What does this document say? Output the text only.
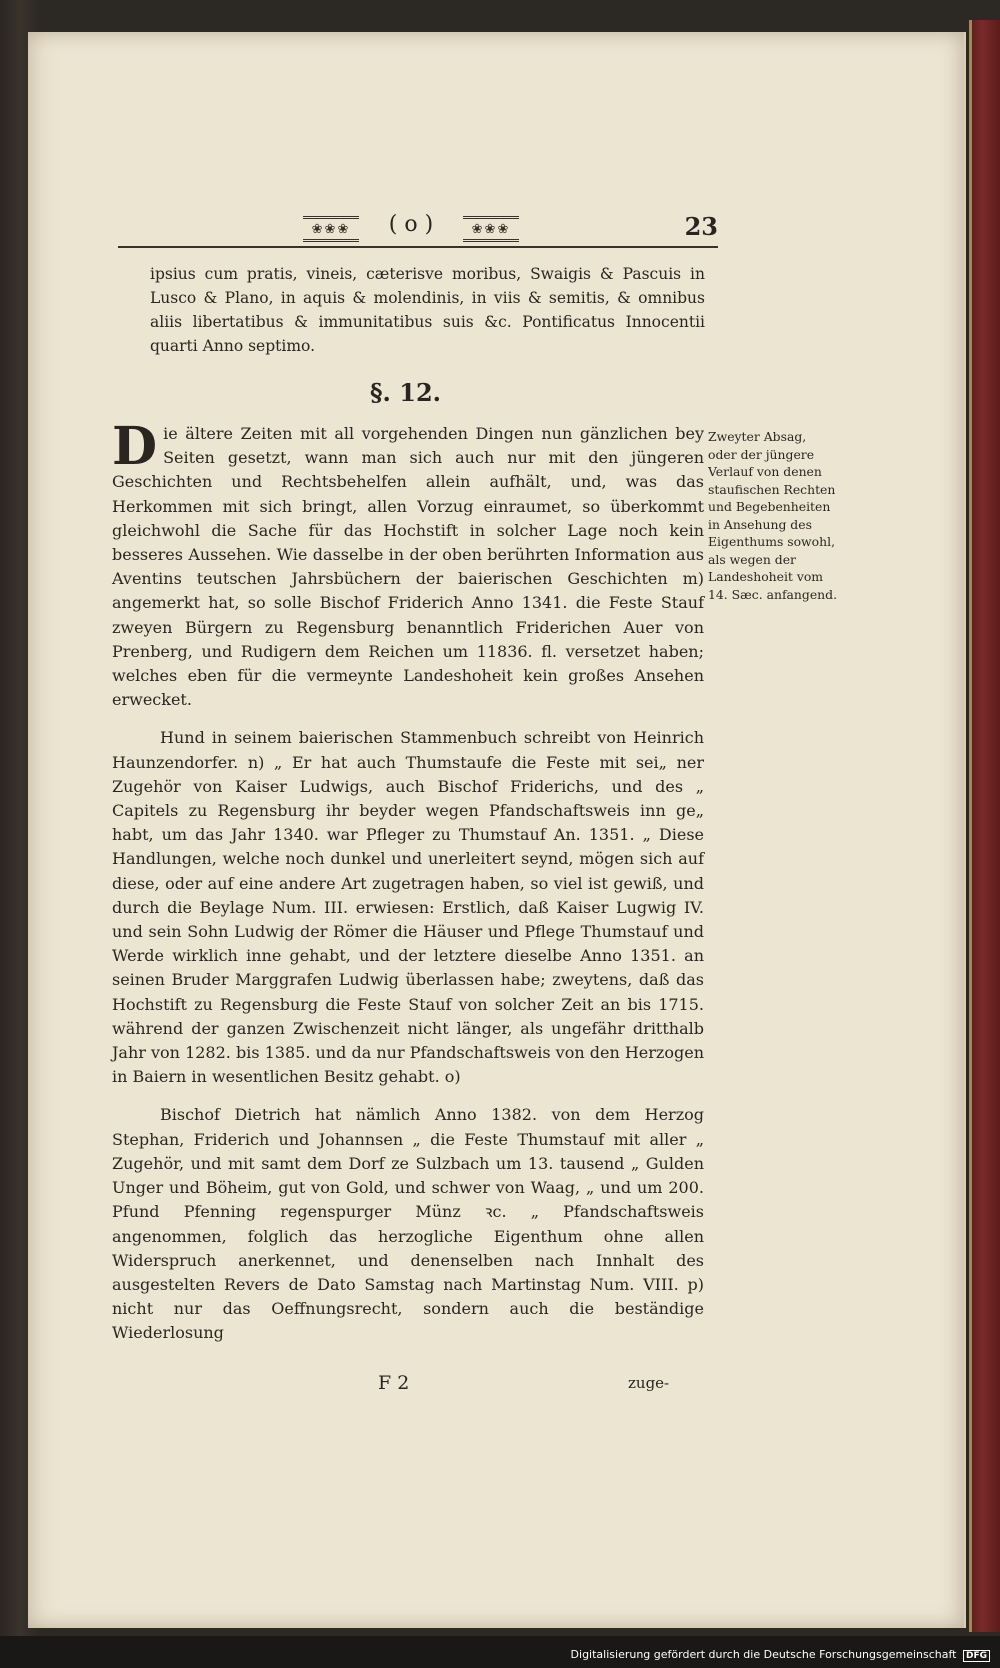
❀❀❀	( o )	❀❀❀	23
ipsius cum pratis, vineis, cæterisve moribus, Swaigis & Pascuis in Lusco & Plano, in aquis & molendinis, in viis & semitis, & omnibus aliis libertatibus & immunitatibus suis &c. Pontificatus Innocentii quarti Anno septimo.
§. 12.

D ie ältere Zeiten mit all vorgehenden Dingen nun gänzlichen bey Seiten gesetzt, wann man sich auch nur mit den jüngeren Geschichten und Rechtsbehelfen allein aufhält, und, was das Herkommen mit sich bringt, allen Vorzug einraumet, so überkommt gleichwohl die Sache für das Hochstift in solcher Lage noch kein besseres Aussehen. Wie dasselbe in der oben berührten Information aus Aventins teutschen Jahrsbüchern der baierischen Geschichten m) angemerkt hat, so solle Bischof Friderich Anno 1341. die Feste Stauf zweyen Bürgern zu Regensburg benanntlich Friderichen Auer von Prenberg, und Rudigern dem Reichen um 11836. fl. versetzet haben; welches eben für die vermeynte Landeshoheit kein großes Ansehen erwecket.

Hund in seinem baierischen Stammenbuch schreibt von Heinrich Haunzendorfer. n) „ Er hat auch Thumstaufe die Feste mit sei„ ner Zugehör von Kaiser Ludwigs, auch Bischof Friderichs, und des „ Capitels zu Regensburg ihr beyder wegen Pfandschaftsweis inn ge„ habt, um das Jahr 1340. war Pfleger zu Thumstauf An. 1351. „ Diese Handlungen, welche noch dunkel und unerleitert seynd, mögen sich auf diese, oder auf eine andere Art zugetragen haben, so viel ist gewiß, und durch die Beylage Num. III. erwiesen: Erstlich, daß Kaiser Lugwig IV. und sein Sohn Ludwig der Römer die Häuser und Pflege Thumstauf und Werde wirklich inne gehabt, und der letztere dieselbe Anno 1351. an seinen Bruder Marggrafen Ludwig überlassen habe; zweytens, daß das Hochstift zu Regensburg die Feste Stauf von solcher Zeit an bis 1715. während der ganzen Zwischenzeit nicht länger, als ungefähr dritthalb Jahr von 1282. bis 1385. und da nur Pfandschaftsweis von den Herzogen in Baiern in wesentlichen Besitz gehabt. o)

Bischof Dietrich hat nämlich Anno 1382. von dem Herzog Stephan, Friderich und Johannsen „ die Feste Thumstauf mit aller „ Zugehör, und mit samt dem Dorf ze Sulzbach um 13. tausend „ Gulden Unger und Böheim, gut von Gold, und schwer von Waag, „ und um 200. Pfund Pfenning regenspurger Münz ꝛc. „ Pfandschaftsweis angenommen, folglich das herzogliche Eigenthum ohne allen Widerspruch anerkennet, und denenselben nach Innhalt des ausgestelten Revers de Dato Samstag nach Martinstag Num. VIII. p) nicht nur das Oeffnungsrecht, sondern auch die beständige Wiederlosung

Zweyter Absag, oder der jüngere Verlauf von denen staufischen Rechten und Begebenheiten in Ansehung des Eigenthums sowohl, als wegen der Landeshoheit vom 14. Sæc. anfangend.
F 2	zuge-
Digitalisierung gefördert durch die Deutsche Forschungsgemeinschaft DFG
